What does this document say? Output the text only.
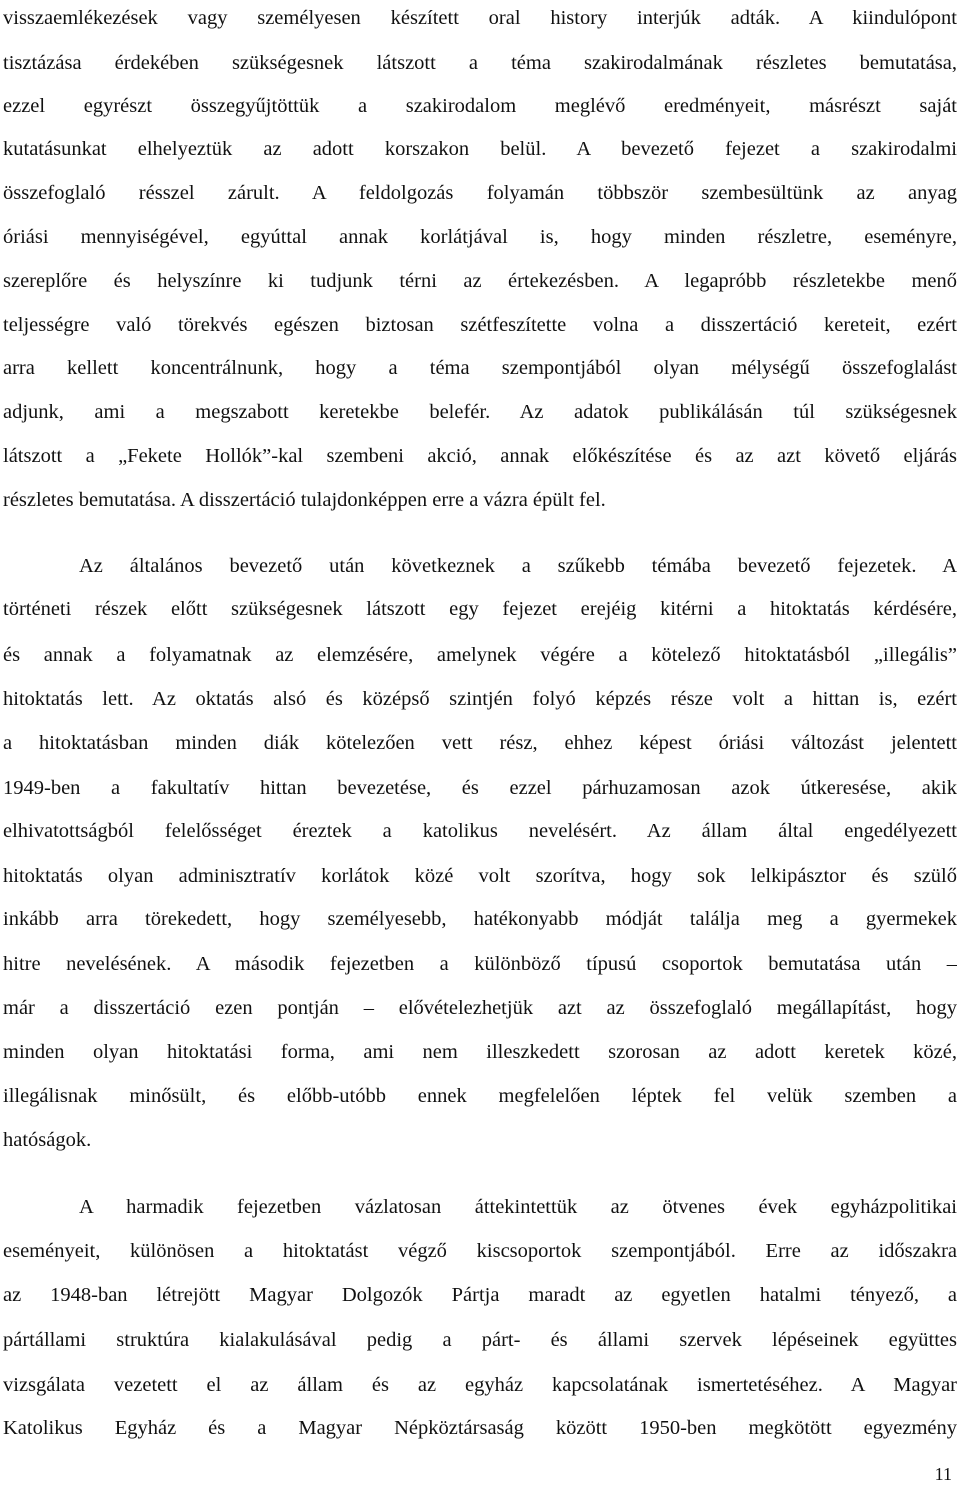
visszaemlékezések vagy személyesen készített oral history interjúk adták. A kiindulópont
tisztázása érdekében szükségesnek látszott a téma szakirodalmának részletes bemutatása,
ezzel egyrészt összegyűjtöttük a szakirodalom meglévő eredményeit, másrészt saját
kutatásunkat elhelyeztük az adott korszakon belül. A bevezető fejezet a szakirodalmi
összefoglaló résszel zárult. A feldolgozás folyamán többször szembesültünk az anyag
óriási mennyiségével, egyúttal annak korlátjával is, hogy minden részletre, eseményre,
szereplőre és helyszínre ki tudjunk térni az értekezésben. A legapróbb részletekbe menő
teljességre való törekvés egészen biztosan szétfeszítette volna a disszertáció kereteit, ezért
arra kellett koncentrálnunk, hogy a téma szempontjából olyan mélységű összefoglalást
adjunk, ami a megszabott keretekbe belefér. Az adatok publikálásán túl szükségesnek
látszott a „Fekete Hollók”-kal szembeni akció, annak előkészítése és az azt követő eljárás
részletes bemutatása. A disszertáció tulajdonképpen erre a vázra épült fel.
Az általános bevezető után következnek a szűkebb témába bevezető fejezetek. A
történeti részek előtt szükségesnek látszott egy fejezet erejéig kitérni a hitoktatás kérdésére,
és annak a folyamatnak az elemzésére, amelynek végére a kötelező hitoktatásból „illegális”
hitoktatás lett. Az oktatás alsó és középső szintjén folyó képzés része volt a hittan is, ezért
a hitoktatásban minden diák kötelezően vett rész, ehhez képest óriási változást jelentett
1949-ben a fakultatív hittan bevezetése, és ezzel párhuzamosan azok útkeresése, akik
elhivatottságból felelősséget éreztek a katolikus nevelésért. Az állam által engedélyezett
hitoktatás olyan adminisztratív korlátok közé volt szorítva, hogy sok lelkipásztor és szülő
inkább arra törekedett, hogy személyesebb, hatékonyabb módját találja meg a gyermekek
hitre nevelésének. A második fejezetben a különböző típusú csoportok bemutatása után –
már a disszertáció ezen pontján – elővételezhetjük azt az összefoglaló megállapítást, hogy
minden olyan hitoktatási forma, ami nem illeszkedett szorosan az adott keretek közé,
illegálisnak minősült, és előbb-utóbb ennek megfelelően léptek fel velük szemben a
hatóságok.
A harmadik fejezetben vázlatosan áttekintettük az ötvenes évek egyházpolitikai
eseményeit, különösen a hitoktatást végző kiscsoportok szempontjából. Erre az időszakra
az 1948-ban létrejött Magyar Dolgozók Pártja maradt az egyetlen hatalmi tényező, a
pártállami struktúra kialakulásával pedig a párt- és állami szervek lépéseinek együttes
vizsgálata vezetett el az állam és az egyház kapcsolatának ismertetéséhez. A Magyar
Katolikus Egyház és a Magyar Népköztársaság között 1950-ben megkötött egyezmény
11
